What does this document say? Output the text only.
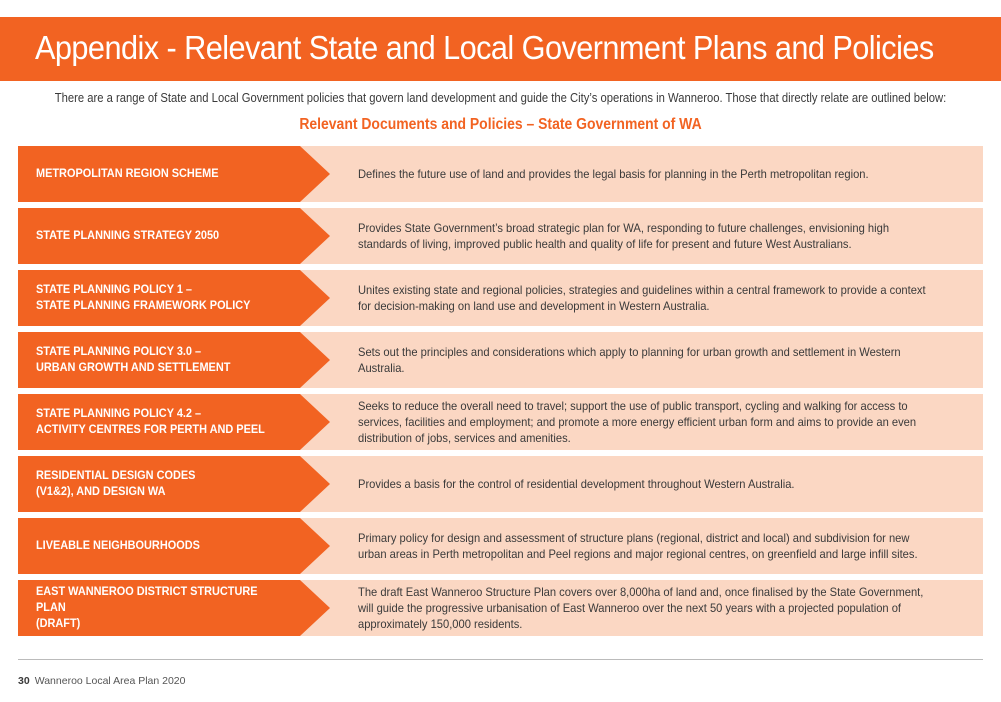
Appendix - Relevant State and Local Government Plans and Policies
There are a range of State and Local Government policies that govern land development and guide the City’s operations in Wanneroo. Those that directly relate are outlined below:
Relevant Documents and Policies – State Government of WA
METROPOLITAN REGION SCHEME	Defines the future use of land and provides the legal basis for planning in the Perth metropolitan region.
STATE PLANNING STRATEGY 2050
Provides State Government’s broad strategic plan for WA, responding to future challenges, envisioning high standards of living, improved public health and quality of life for present and future West Australians.
STATE PLANNING POLICY 1 –
STATE PLANNING FRAMEWORK POLICY
Unites existing state and regional policies, strategies and guidelines within a central framework to provide a context for decision-making on land use and development in Western Australia.
STATE PLANNING POLICY 3.0 –
URBAN GROWTH AND SETTLEMENT
Sets out the principles and considerations which apply to planning for urban growth and settlement in Western Australia.
STATE PLANNING POLICY 4.2 –
ACTIVITY CENTRES FOR PERTH AND PEEL
Seeks to reduce the overall need to travel; support the use of public transport, cycling and walking for access to services, facilities and employment; and promote a more energy efficient urban form and aims to provide an even distribution of jobs, services and amenities.
RESIDENTIAL DESIGN CODES
(V1&2), AND DESIGN WA
Provides a basis for the control of residential development throughout Western Australia.
LIVEABLE NEIGHBOURHOODS
Primary policy for design and assessment of structure plans (regional, district and local) and subdivision for new urban areas in Perth metropolitan and Peel regions and major regional centres, on greenfield and large infill sites.
EAST WANNEROO DISTRICT STRUCTURE PLAN
(DRAFT)
The draft East Wanneroo Structure Plan covers over 8,000ha of land and, once finalised by the State Government, will guide the progressive urbanisation of East Wanneroo over the next 50 years with a projected population of approximately 150,000 residents.
30 Wanneroo Local Area Plan 2020
